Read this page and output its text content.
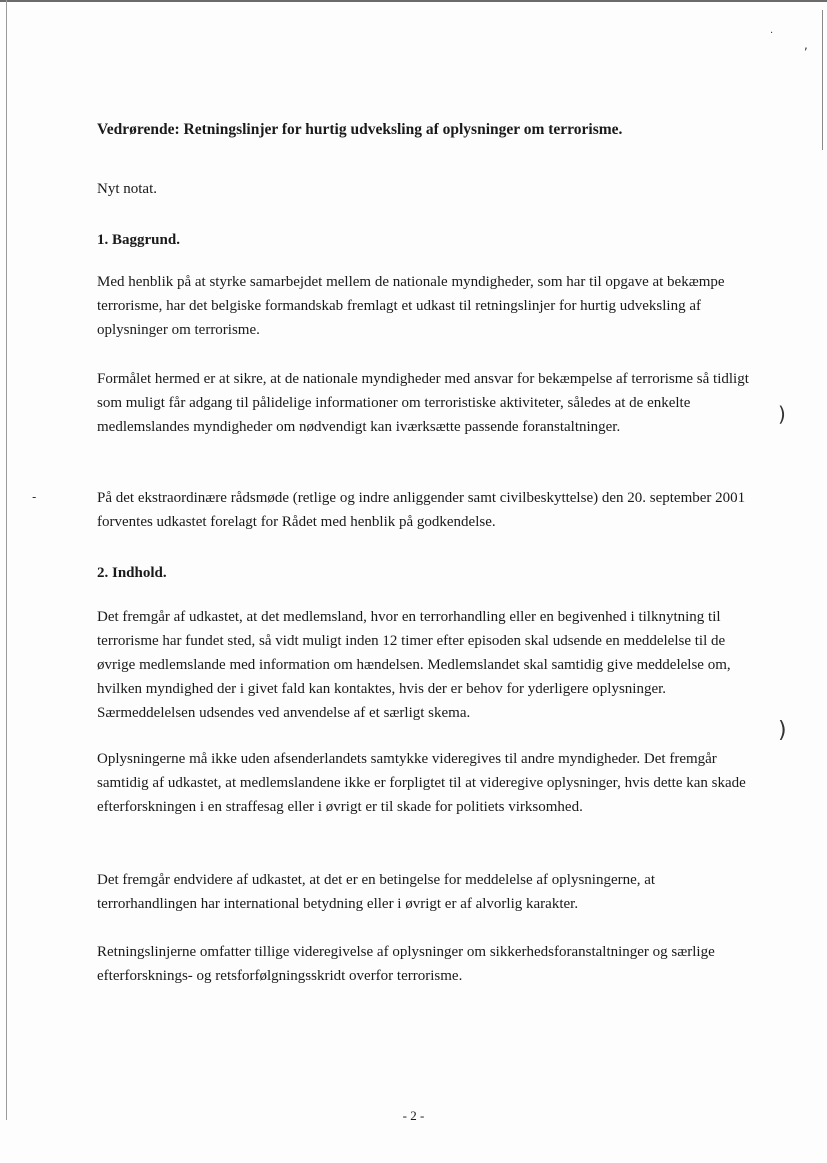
·
,
)
)
-
Vedrørende: Retningslinjer for hurtig udveksling af oplysninger om terrorisme.
Nyt notat.
1. Baggrund.

Med henblik på at styrke samarbejdet mellem de nationale myndigheder, som har til opgave at bekæmpe terrorisme, har det belgiske formandskab fremlagt et udkast til retningslinjer for hurtig udveksling af oplysninger om terrorisme.

Formålet hermed er at sikre, at de nationale myndigheder med ansvar for bekæmpelse af terrorisme så tidligt som muligt får adgang til pålidelige informationer om terroristiske aktiviteter, således at de enkelte medlemslandes myndigheder om nødvendigt kan iværksætte passende foranstaltninger.

På det ekstraordinære rådsmøde (retlige og indre anliggender samt civilbeskyttelse) den 20. september 2001 forventes udkastet forelagt for Rådet med henblik på godkendelse.

2. Indhold.

Det fremgår af udkastet, at det medlemsland, hvor en terrorhandling eller en begivenhed i tilknytning til terrorisme har fundet sted, så vidt muligt inden 12 timer efter episoden skal udsende en meddelelse til de øvrige medlemslande med information om hændelsen. Medlemslandet skal samtidig give meddelelse om, hvilken myndighed der i givet fald kan kontaktes, hvis der er behov for yderligere oplysninger. Særmeddelelsen udsendes ved anvendelse af et særligt skema.

Oplysningerne må ikke uden afsenderlandets samtykke videregives til andre myndigheder. Det fremgår samtidig af udkastet, at medlemslandene ikke er forpligtet til at videregive oplysninger, hvis dette kan skade efterforskningen i en straffesag eller i øvrigt er til skade for politiets virksomhed.

Det fremgår endvidere af udkastet, at det er en betingelse for meddelelse af oplysningerne, at terrorhandlingen har international betydning eller i øvrigt er af alvorlig karakter.

Retningslinjerne omfatter tillige videregivelse af oplysninger om sikkerhedsforanstaltninger og særlige efterforsknings- og retsforfølgningsskridt overfor terrorisme.

- 2 -
